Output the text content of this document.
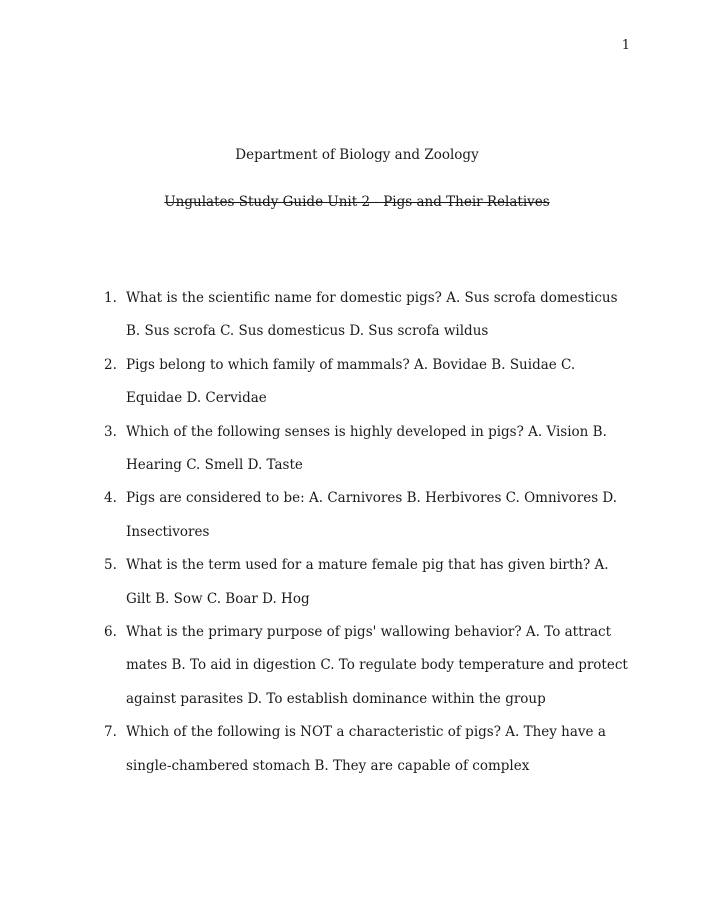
1
Department of Biology and Zoology
Ungulates Study Guide Unit 2 - Pigs and Their Relatives
1. What is the scientific name for domestic pigs? A. Sus scrofa domesticus B. Sus scrofa C. Sus domesticus D. Sus scrofa wildus
2. Pigs belong to which family of mammals? A. Bovidae B. Suidae C. Equidae D. Cervidae
3. Which of the following senses is highly developed in pigs? A. Vision B. Hearing C. Smell D. Taste
4. Pigs are considered to be: A. Carnivores B. Herbivores C. Omnivores D. Insectivores
5. What is the term used for a mature female pig that has given birth? A. Gilt B. Sow C. Boar D. Hog
6. What is the primary purpose of pigs' wallowing behavior? A. To attract mates B. To aid in digestion C. To regulate body temperature and protect against parasites D. To establish dominance within the group
7. Which of the following is NOT a characteristic of pigs? A. They have a single-chambered stomach B. They are capable of complex
